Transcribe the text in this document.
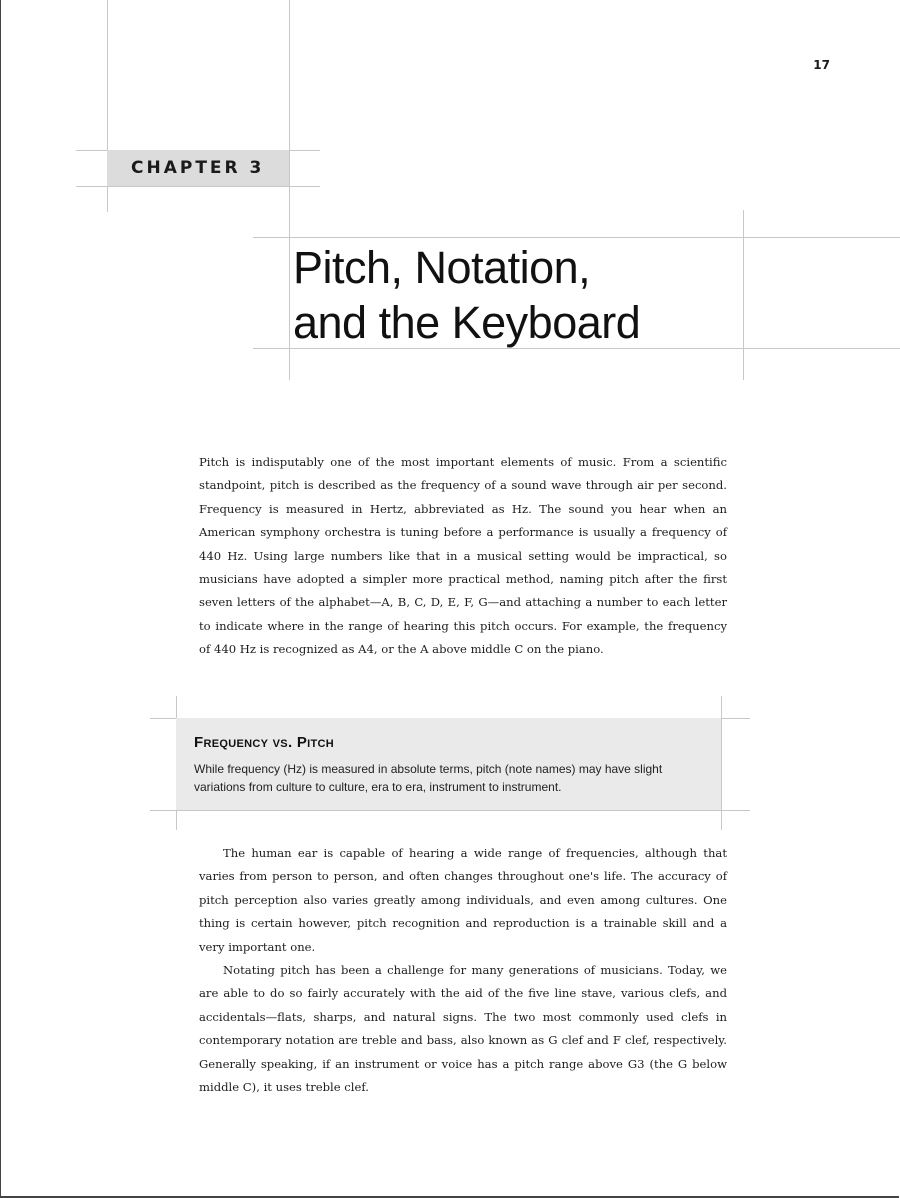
17
CHAPTER 3
Pitch, Notation,
and the Keyboard

Pitch is indisputably one of the most important elements of music. From a scientific standpoint, pitch is described as the frequency of a sound wave through air per second. Frequency is measured in Hertz, abbreviated as Hz. The sound you hear when an American symphony orchestra is tuning before a performance is usually a frequency of 440 Hz. Using large numbers like that in a musical setting would be impractical, so musicians have adopted a simpler more practical method, naming pitch after the first seven letters of the alphabet—A, B, C, D, E, F, G—and attaching a number to each letter to indicate where in the range of hearing this pitch occurs. For example, the frequency of 440 Hz is recognized as A4, or the A above middle C on the piano.

Frequency vs. Pitch
While frequency (Hz) is measured in absolute terms, pitch (note names) may have slight variations from culture to culture, era to era, instrument to instrument.

The human ear is capable of hearing a wide range of frequencies, although that varies from person to person, and often changes throughout one's life. The accuracy of pitch perception also varies greatly among individuals, and even among cultures. One thing is certain however, pitch recognition and reproduction is a trainable skill and a very important one.

Notating pitch has been a challenge for many generations of musicians. Today, we are able to do so fairly accurately with the aid of the five line stave, various clefs, and accidentals—flats, sharps, and natural signs. The two most commonly used clefs in contemporary notation are treble and bass, also known as G clef and F clef, respectively. Generally speaking, if an instrument or voice has a pitch range above G3 (the G below middle C), it uses treble clef.
